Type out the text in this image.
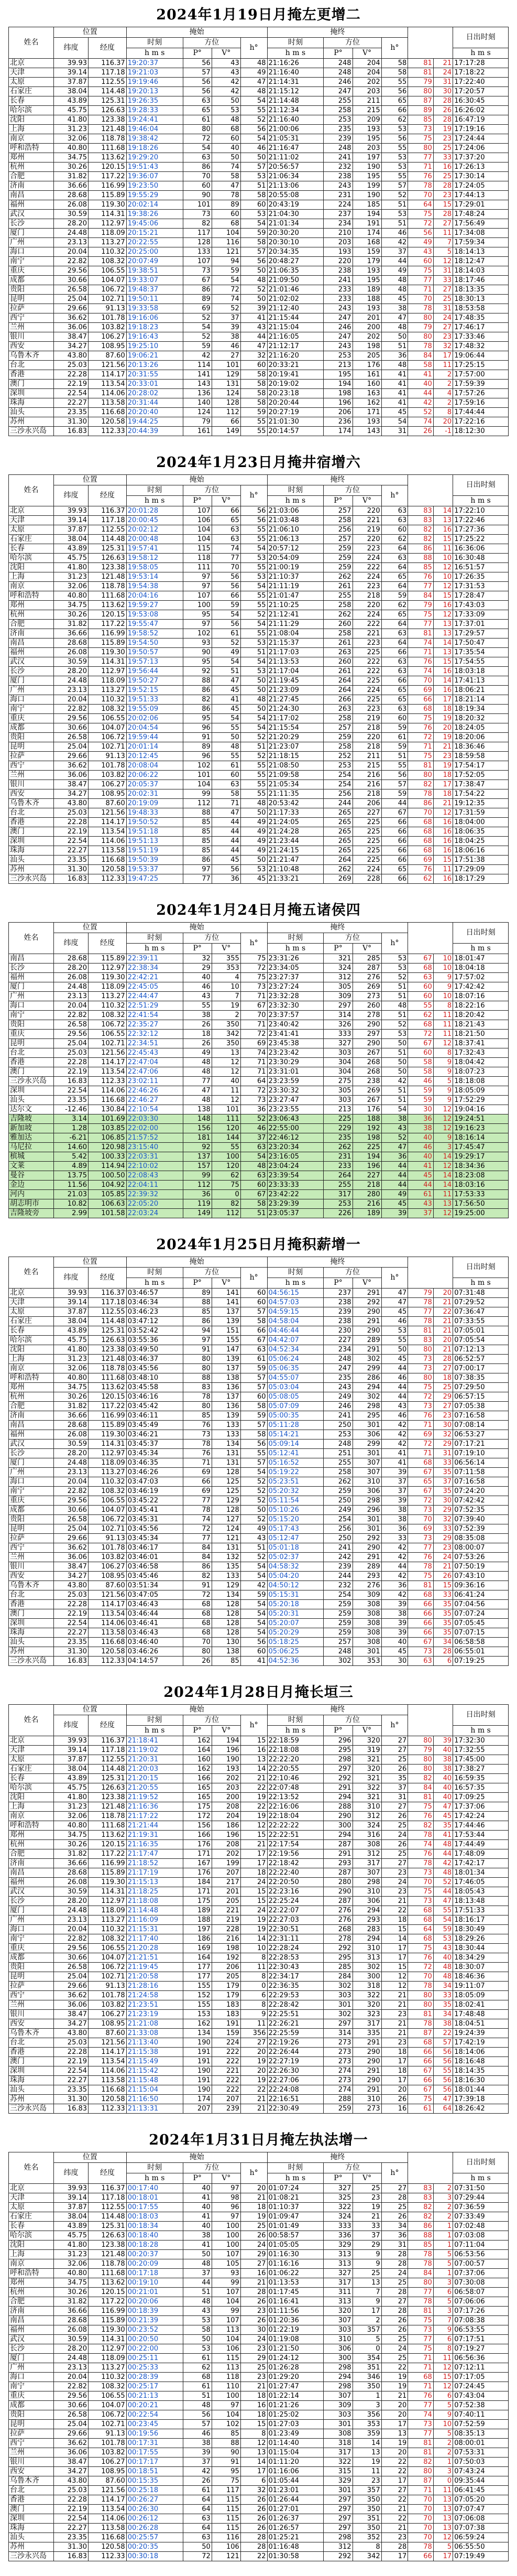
2024年1月19日月掩左更增二
姓名	位置		掩始				掩终						日出时刻
	纬度	经度	时刻	方位		h°	时刻	方位		h°			
			h m s	P°	V°		h m s	P°	V°				h m s
北京	39.93	116.37	19:20:37	56	43	48	21:16:26	248	204	58	81	21	17:17:28
天津	39.14	117.18	19:21:03	57	43	49	21:16:40	248	204	58	81	24	17:18:22
太原	37.87	112.55	19:19:46	56	42	47	21:14:31	246	202	55	79	31	17:22:40
石家庄	38.04	114.48	19:20:13	56	42	48	21:15:12	247	203	56	80	30	17:20:57
长春	43.89	125.31	19:26:35	63	50	54	21:14:48	255	211	65	87	28	16:30:45
哈尔滨	45.75	126.63	19:28:33	65	53	55	21:12:34	258	215	66	89	26	16:26:02
沈阳	41.80	123.38	19:24:41	61	48	52	21:16:40	253	209	62	85	28	16:47:19
上海	31.23	121.48	19:46:04	80	68	56	21:00:06	235	193	53	73	19	17:19:16
南京	32.06	118.78	19:38:42	72	60	54	21:05:31	239	195	56	75	23	17:24:44
呼和浩特	40.80	111.68	19:18:26	54	40	46	21:16:47	248	203	55	80	25	17:24:06
郑州	34.75	113.62	19:29:20	63	50	50	21:11:02	241	197	53	77	33	17:37:20
杭州	30.26	120.15	19:51:43	86	74	57	20:56:57	232	190	53	71	16	17:26:13
合肥	31.82	117.22	19:36:07	70	58	53	21:06:34	238	195	55	76	25	17:30:14
济南	36.66	116.99	19:23:50	60	47	51	21:13:06	243	199	57	78	28	17:24:05
南昌	28.68	115.89	19:55:29	90	78	58	20:55:08	231	190	52	70	23	17:44:13
福州	26.08	119.30	20:02:14	101	89	60	20:43:19	224	185	51	64	15	17:29:01
武汉	30.59	114.31	19:38:26	73	60	53	21:04:30	237	194	53	75	28	17:48:24
长沙	28.20	112.97	19:45:06	82	68	54	21:01:34	234	191	51	72	27	17:56:49
厦门	24.48	118.09	20:15:21	117	104	59	20:30:20	210	174	46	56	11	17:34:08
广州	23.13	113.27	20:22:55	128	116	58	20:30:10	203	168	42	49	7	17:59:34
海口	20.04	110.32	20:25:00	133	121	57	20:34:35	193	159	37	43	5	18:14:13
南宁	22.82	108.32	20:07:49	107	94	56	20:48:27	220	179	44	60	12	18:12:47
重庆	29.56	106.55	19:38:51	73	59	50	21:06:35	238	193	49	75	31	18:14:03
成都	30.66	104.07	19:33:07	67	54	48	21:09:50	241	195	48	77	33	18:17:46
贵阳	26.58	106.72	19:48:37	86	72	52	21:01:46	233	189	48	71	27	18:13:35
昆明	25.04	102.71	19:50:11	89	74	50	21:02:02	233	188	45	70	25	18:30:13
拉萨	29.66	91.13	19:33:58	69	52	39	21:12:40	243	193	38	78	31	18:53:58
西宁	36.62	101.78	19:16:06	52	37	41	21:15:44	247	201	47	80	24	17:48:35
兰州	36.06	103.82	19:18:23	54	39	43	21:15:04	246	200	48	79	27	17:46:17
银川	38.47	106.27	19:16:43	52	38	44	21:16:05	247	202	50	80	23	17:33:46
西安	34.27	108.95	19:25:10	59	46	47	21:12:17	243	198	51	78	32	17:48:32
乌鲁木齐	43.80	87.60	19:06:21	42	27	32	21:16:20	253	205	36	84	17	19:06:44
台北	25.03	121.56	20:13:26	114	101	60	20:33:21	213	176	48	58	11	17:25:15
香港	22.28	114.17	20:31:55	141	129	58	20:19:41	195	161	41	41	2	17:57:00
澳门	22.19	113.54	20:33:01	143	131	58	20:19:02	194	160	41	40	2	17:59:39
深圳	22.54	114.06	20:28:02	136	124	58	20:23:18	198	163	41	44	4	17:57:26
珠海	22.27	113.58	20:31:44	140	128	58	20:20:44	196	162	41	42	2	17:59:16
汕头	23.35	116.68	20:20:40	124	112	59	20:27:19	206	171	45	52	8	17:44:44
苏州	31.30	120.58	19:44:25	79	66	55	21:01:30	236	193	54	74	20	17:22:16
三沙永兴岛	16.83	112.33	20:44:39	161	149	55	20:14:57	174	143	31	26	-1	18:12:30
2024年1月23日月掩井宿增六
姓名	位置		掩始				掩终						日出时刻
	纬度	经度	时刻	方位		h°	时刻	方位		h°			
			h m s	P°	V°		h m s	P°	V°				h m s
北京	39.93	116.37	20:01:28	107	66	56	21:03:06	257	220	63	83	14	17:22:10
天津	39.14	117.18	20:00:45	106	65	56	21:03:48	258	221	63	83	13	17:22:46
太原	37.87	112.55	20:02:12	104	63	55	21:06:10	256	219	60	82	16	17:27:36
石家庄	38.04	114.48	20:00:48	104	63	55	21:06:13	257	220	62	82	15	17:25:22
长春	43.89	125.31	19:57:41	115	74	54	20:57:12	259	223	64	86	11	16:36:06
哈尔滨	45.75	126.63	19:58:12	118	77	53	20:54:09	259	224	63	88	10	16:30:48
沈阳	41.80	123.38	19:58:05	111	70	55	21:00:19	259	222	64	85	12	16:51:57
上海	31.23	121.48	19:53:14	97	56	53	21:10:37	262	224	65	76	10	17:26:35
南京	32.06	118.78	19:54:38	97	56	54	21:11:19	261	223	64	77	12	17:31:53
呼和浩特	40.80	111.68	20:04:16	107	66	55	21:01:47	255	218	59	84	15	17:28:47
郑州	34.75	113.62	19:59:27	100	59	55	21:10:25	258	220	62	79	16	17:43:03
杭州	30.26	120.15	19:53:08	95	54	52	21:12:41	262	224	65	75	12	17:33:09
合肥	31.82	117.22	19:55:47	97	56	54	21:11:29	260	222	64	77	13	17:37:01
济南	36.66	116.99	19:58:52	102	61	55	21:08:04	258	221	63	81	13	17:29:57
南昌	28.68	115.89	19:54:50	93	52	53	21:15:37	261	223	64	74	14	17:50:47
福州	26.08	119.30	19:50:57	90	49	51	21:17:03	263	225	66	71	13	17:35:54
武汉	30.59	114.31	19:57:13	95	54	54	21:13:53	260	222	63	76	15	17:54:55
长沙	28.20	112.97	19:56:44	92	51	53	21:17:04	261	222	63	74	16	18:03:18
厦门	24.48	118.09	19:50:27	88	47	50	21:19:45	264	225	66	70	14	17:41:13
广州	23.13	113.27	19:52:15	86	45	50	21:23:09	264	224	65	69	16	18:06:21
海口	20.04	110.32	19:51:33	82	41	48	21:27:45	266	225	65	66	17	18:21:14
南宁	22.82	108.32	19:55:09	86	45	50	21:24:30	263	223	63	68	18	18:19:34
重庆	29.56	106.55	20:02:06	95	54	54	21:17:02	258	219	60	75	19	18:20:32
成都	30.66	104.07	20:04:54	96	55	54	21:15:54	257	218	59	76	20	18:24:05
贵阳	26.58	106.72	19:59:44	91	50	52	21:20:29	259	220	61	72	19	18:20:06
昆明	25.04	102.71	20:01:14	89	48	51	21:23:07	258	218	59	71	21	18:36:46
拉萨	29.66	91.13	20:12:45	96	55	52	21:18:15	252	211	51	75	23	18:59:58
西宁	36.62	101.78	20:08:04	102	61	55	21:08:50	253	215	55	81	19	17:54:17
兰州	36.06	103.82	20:06:22	101	60	55	21:09:58	254	216	56	80	18	17:52:05
银川	38.47	106.27	20:05:37	104	63	55	21:05:34	254	216	57	82	17	17:38:47
西安	34.27	108.95	20:02:31	99	58	55	21:11:35	256	218	59	78	18	17:54:22
乌鲁木齐	43.80	87.60	20:19:09	112	71	48	20:53:42	244	206	44	86	21	19:12:35
台北	25.03	121.56	19:48:33	88	47	50	21:17:33	265	227	67	70	12	17:31:59
香港	22.28	114.17	19:50:52	85	44	49	21:24:05	265	225	66	68	16	18:04:00
澳门	22.19	113.54	19:51:18	85	44	49	21:24:28	265	225	66	68	16	18:06:35
深圳	22.54	114.06	19:51:13	85	44	49	21:23:44	265	225	66	68	16	18:04:25
珠海	22.27	113.58	19:51:19	85	44	49	21:24:15	265	225	66	68	16	18:06:16
汕头	23.35	116.68	19:50:39	86	45	50	21:21:47	264	225	66	69	15	17:51:38
苏州	31.30	120.58	19:53:37	97	56	53	21:10:48	262	224	65	76	11	17:29:09
三沙永兴岛	16.83	112.33	19:47:25	77	36	45	21:33:21	269	228	66	62	16	18:17:29
2024年1月24日月掩五诸侯四
姓名	位置		掩始				掩终						日出时刻
	纬度	经度	时刻	方位		h°	时刻	方位		h°			
			h m s	P°	V°		h m s	P°	V°				h m s
南昌	28.68	115.89	22:39:11	32	355	75	23:31:26	321	285	53	67	10	18:01:47
长沙	28.20	112.97	22:38:34	29	353	72	23:34:05	324	287	53	68	10	18:04:18
福州	26.08	119.30	22:42:21	40	4	75	23:27:37	312	276	52	63	9	17:57:02
厦门	24.48	118.09	22:45:05	46	10	73	23:27:24	305	269	51	60	9	17:42:42
广州	23.13	113.27	22:44:47	43	7	71	23:32:28	309	273	51	60	10	18:07:16
海口	20.04	110.32	22:51:29	55	19	67	23:32:30	297	260	48	55	8	18:22:16
南宁	22.82	108.32	22:41:54	38	2	70	23:37:57	314	278	51	62	11	18:20:42
贵阳	26.58	106.72	22:35:27	26	350	71	23:40:42	326	290	52	68	11	18:21:43
重庆	29.56	106.55	22:32:12	18	342	72	23:41:41	333	297	53	72	11	18:21:50
昆明	25.04	102.71	22:34:51	26	350	69	23:45:38	327	290	50	67	12	18:37:41
台北	25.03	121.56	22:45:43	49	13	74	23:23:42	303	267	51	60	8	17:32:43
香港	22.28	114.17	22:47:04	48	12	71	23:30:29	304	268	50	58	9	18:04:42
澳门	22.19	113.54	22:47:06	48	12	71	23:31:01	304	268	50	58	9	18:07:23
三沙永兴岛	16.83	112.33	23:02:11	77	40	64	23:23:59	275	238	42	46	5	18:18:08
深圳	22.54	114.06	22:46:26	47	11	72	23:30:32	305	269	51	59	9	18:05:09
汕头	23.35	116.68	22:46:27	48	12	73	23:27:47	303	267	51	59	9	17:52:29
达尔文	-12.46	130.84	22:10:54	138	101	36	23:23:55	213	176	54	30	12	19:04:16
吉隆坡	3.14	101.69	22:03:30	148	111	52	23:06:43	225	188	38	36	12	19:24:51
新加坡	1.28	103.85	22:02:00	156	120	46	22:55:00	229	192	43	38	12	19:16:23
雅加达	-6.21	106.85	21:57:52	181	144	37	22:46:12	235	198	52	40	9	18:16:14
马尼拉	14.60	120.98	23:15:40	92	55	63	23:20:34	262	225	47	46	3	17:45:47
槟城	5.42	100.33	22:03:31	137	100	54	23:16:05	231	194	36	40	14	19:29:17
文莱	4.89	114.94	22:10:02	157	120	48	23:04:24	233	196	44	41	12	18:34:36
曼谷	13.75	100.50	22:08:43	99	62	63	23:39:54	264	227	44	45	14	18:23:08
金边	11.56	104.92	22:04:11	112	75	60	23:33:33	255	218	44	44	14	18:03:16
河内	21.03	105.85	22:39:32	36	0	67	23:42:22	317	280	49	61	11	17:53:33
胡志明市	10.82	106.63	22:05:20	119	82	58	23:29:39	253	216	45	43	13	17:56:50
吉隆坡旁	2.99	101.58	22:03:24	149	112	51	23:05:37	226	189	39	37	12	19:25:00
2024年1月25日月掩积薪增一
姓名	位置		掩始				掩终						日出时刻
	纬度	经度	时刻	方位		h°	时刻	方位		h°			
			h m s	P°	V°		h m s	P°	V°				h m s
北京	39.93	116.37	03:46:57	89	141	60	04:56:15	237	291	47	79	20	07:31:48
天津	39.14	117.18	03:46:34	88	141	60	04:57:03	238	292	47	78	21	07:29:52
太原	37.87	112.55	03:46:23	85	137	57	04:59:15	239	290	45	77	22	07:36:47
石家庄	38.04	114.48	03:47:12	86	139	58	04:58:04	238	291	46	78	21	07:33:55
长春	43.89	125.31	03:52:42	94	151	66	04:46:44	230	290	53	81	21	07:05:01
哈尔滨	45.75	126.63	03:55:36	97	155	67	04:42:07	227	289	55	83	20	07:05:54
沈阳	41.80	123.38	03:49:50	91	147	63	04:52:34	234	291	50	80	21	07:12:13
上海	31.23	121.48	03:46:37	80	139	61	05:06:24	248	302	45	73	28	06:52:57
南京	32.06	118.78	03:45:56	80	137	59	05:06:35	247	299	44	73	27	07:00:17
呼和浩特	40.80	111.68	03:48:10	88	138	57	04:55:07	235	286	46	80	18	07:38:35
郑州	34.75	113.62	03:45:58	83	136	57	05:03:04	243	294	44	75	25	07:29:50
杭州	30.26	120.15	03:46:16	78	137	60	05:08:05	249	302	44	72	29	06:57:15
合肥	31.82	117.22	03:45:42	80	136	58	05:07:09	246	298	43	73	27	07:05:38
济南	36.66	116.99	03:46:11	85	139	59	05:00:35	241	295	46	76	23	07:16:58
南昌	28.68	115.89	03:45:49	76	133	57	05:11:28	250	301	42	71	30	07:08:14
福州	26.08	119.30	03:46:21	73	133	58	05:14:21	253	306	42	69	32	06:53:27
武汉	30.59	114.31	03:45:37	78	134	56	05:09:14	248	299	42	72	29	07:17:21
长沙	28.20	112.97	03:45:34	76	131	55	05:12:41	251	301	41	71	31	07:19:10
厦门	24.48	118.09	03:46:35	71	131	57	05:16:52	255	307	41	68	33	06:56:14
广州	23.13	113.27	03:46:26	69	128	54	05:19:22	258	307	39	67	35	07:11:58
海口	20.04	110.32	03:47:03	66	125	52	05:23:51	262	310	37	65	37	07:16:58
南宁	22.82	108.32	03:46:19	69	125	52	05:20:32	259	306	37	67	35	07:24:20
重庆	29.56	106.55	03:45:22	77	129	52	05:11:54	250	298	39	72	30	07:42:42
成都	30.66	104.07	03:45:41	78	128	50	05:10:26	249	296	38	73	29	07:52:35
贵阳	26.58	106.72	03:45:31	74	127	52	05:15:20	254	301	38	70	32	07:39:40
昆明	25.04	102.71	03:45:56	72	124	49	05:17:43	256	301	36	69	33	07:52:39
拉萨	29.66	91.13	03:45:34	77	121	43	05:12:47	250	292	33	73	29	08:35:08
西宁	36.62	101.78	03:46:17	84	131	51	05:01:18	241	290	42	77	23	08:00:07
兰州	36.06	103.82	03:46:01	84	132	52	05:02:37	242	291	42	76	24	07:53:26
银川	38.47	106.27	03:46:58	86	135	54	04:58:32	239	289	44	78	21	07:50:19
西安	34.27	108.95	03:45:46	82	133	54	05:04:20	244	293	42	75	26	07:43:10
乌鲁木齐	43.80	87.60	03:51:34	91	129	42	04:50:12	232	276	36	81	15	09:36:16
台北	25.03	121.56	03:47:05	72	134	59	05:15:31	254	309	42	68	33	06:41:24
香港	22.28	114.17	03:46:43	68	128	54	05:20:18	259	308	39	66	35	07:04:56
澳门	22.19	113.54	03:46:44	68	128	54	05:20:31	259	308	38	66	35	07:07:24
深圳	22.54	114.06	03:46:41	68	128	54	05:20:07	259	308	39	66	35	07:05:45
珠海	22.27	113.58	03:46:43	68	128	54	05:20:29	259	308	39	66	35	07:07:15
汕头	23.35	116.68	03:46:40	70	130	56	05:18:25	257	308	40	67	34	06:58:58
苏州	31.30	120.58	03:46:26	80	138	60	05:06:25	248	301	45	73	28	06:55:01
三沙永兴岛	16.83	112.33	04:14:57	26	85	41	04:52:36	302	353	30	63	6	07:19:25
2024年1月28日月掩长垣三
姓名	位置		掩始				掩终						日出时刻
	纬度	经度	时刻	方位		h°	时刻	方位		h°			
			h m s	P°	V°		h m s	P°	V°				h m s
北京	39.93	116.37	21:18:41	162	194	15	22:18:59	296	320	27	80	39	17:32:30
天津	39.14	117.18	21:19:02	164	196	16	22:18:08	295	319	27	79	40	17:32:55
太原	37.87	112.55	21:20:31	160	190	13	22:22:20	298	321	25	80	38	17:45:00
石家庄	38.04	114.48	21:20:03	162	193	14	22:20:55	297	320	26	80	38	17:38:27
长春	43.89	125.31	21:20:15	166	202	21	22:10:46	292	321	35	82	40	16:59:35
哈尔滨	45.75	126.63	21:20:55	165	203	22	22:07:48	291	322	37	84	40	16:57:35
沈阳	41.80	123.38	21:19:52	165	200	19	22:13:52	294	321	31	81	40	17:09:25
上海	31.23	121.48	21:16:36	175	208	22	22:16:06	288	310	27	75	47	17:37:06
南京	32.06	118.78	21:17:22	172	204	19	22:18:04	290	312	26	76	45	17:42:24
呼和浩特	40.80	111.68	21:21:44	156	186	12	22:22:22	300	324	25	82	35	17:44:46
郑州	34.75	113.62	21:19:31	166	196	15	22:22:51	294	316	24	78	41	17:53:44
杭州	30.26	120.15	21:16:35	176	208	21	22:17:54	287	308	26	74	48	17:44:49
合肥	31.82	117.22	21:17:47	171	202	17	22:19:56	291	312	25	76	44	17:48:09
济南	36.66	116.99	21:18:52	167	199	17	22:18:42	293	317	27	78	42	17:42:17
南昌	28.68	115.89	21:17:19	176	207	18	22:22:40	287	307	23	73	48	18:01:34
福州	26.08	119.30	21:15:13	184	217	24	22:20:50	280	298	24	70	52	17:46:05
武汉	30.59	114.31	21:18:25	171	201	15	22:23:16	290	310	23	75	44	18:05:43
长沙	28.20	112.97	21:18:08	175	205	15	22:25:24	287	306	21	73	47	18:13:48
厦门	24.48	118.09	21:14:48	189	221	24	22:22:07	276	294	22	68	55	17:51:33
广州	23.13	113.27	21:16:09	188	219	19	22:27:03	276	293	18	68	54	18:16:17
海口	20.04	110.32	21:15:31	197	228	19	22:30:51	268	283	15	64	59	18:30:49
南宁	22.82	108.32	21:17:40	186	216	14	22:31:11	278	294	14	68	53	18:29:26
重庆	29.56	106.55	21:20:28	169	198	10	22:28:24	292	310	17	75	43	18:30:44
成都	30.66	104.07	21:21:51	164	192	8	22:28:53	295	313	17	76	40	18:34:29
贵阳	26.58	106.72	21:19:45	177	206	11	22:30:43	285	302	15	72	48	18:30:07
昆明	25.04	102.71	21:20:58	177	205	8	22:34:17	284	300	12	70	48	18:46:36
拉萨	29.66	91.13	21:28:16	155	179	0	22:36:35	302	318	12	78	34	19:11:07
西宁	36.62	101.78	21:24:58	152	179	6	22:29:53	303	322	21	80	33	18:05:09
兰州	36.06	103.82	21:23:51	155	183	8	22:28:42	301	320	21	80	35	18:02:41
银川	38.47	106.27	21:23:19	153	183	9	22:25:51	302	323	23	81	34	17:48:48
西安	34.27	108.95	21:21:08	162	191	11	22:26:21	297	317	21	78	38	18:04:51
乌鲁木齐	43.80	87.60	21:33:08	134	159	356	22:25:59	314	335	21	87	22	19:24:39
台北	25.03	121.56	21:13:40	190	224	27	22:19:26	273	291	23	68	57	17:42:19
香港	22.28	114.17	21:15:38	191	222	20	22:26:44	273	290	18	66	56	18:14:06
澳门	22.19	113.54	21:15:49	191	222	19	22:27:19	273	290	17	66	56	18:16:48
深圳	22.54	114.06	21:15:42	190	221	20	22:26:30	274	291	18	67	55	18:14:35
珠海	22.27	113.58	21:15:48	191	222	19	22:27:06	273	290	17	66	56	18:16:30
汕头	23.35	116.68	21:15:04	190	222	22	22:24:08	274	291	20	67	56	18:01:44
苏州	31.30	120.58	21:16:50	174	207	21	22:16:51	288	310	26	75	47	17:39:18
三沙永兴岛	16.83	112.33	21:13:31	207	239	21	22:30:49	259	273	16	61	64	18:26:42
2024年1月31日月掩左执法增一
姓名	位置		掩始				掩终						日出时刻
	纬度	经度	时刻	方位		h°	时刻	方位		h°			
			h m s	P°	V°		h m s	P°	V°				h m s
北京	39.93	116.37	00:17:40	40	97	20	01:07:24	327	25	27	83	2	07:31:50
天津	39.14	117.18	00:18:01	41	98	21	01:08:21	325	23	28	83	3	07:29:44
太原	37.87	112.55	00:17:55	40	96	18	01:10:37	322	19	25	82	2	07:36:59
石家庄	38.04	114.48	00:18:03	41	97	19	01:09:47	324	21	26	82	2	07:33:49
长春	43.89	125.31	00:18:34	40	100	25	01:01:49	333	33	34	86	1	07:02:48
哈尔滨	45.75	126.63	00:18:40	38	100	26	00:58:57	336	37	36	88	1	07:03:08
沈阳	41.80	123.38	00:18:28	41	100	24	01:05:05	329	29	31	85	1	07:11:04
上海	31.23	121.48	00:20:37	50	107	29	01:16:30	313	9	28	78	5	06:53:56
南京	32.06	118.78	00:20:09	48	105	27	01:16:16	313	9	28	78	5	07:00:57
呼和浩特	40.80	111.68	00:17:18	37	93	16	01:06:22	327	25	24	84	1	07:37:06
郑州	34.75	113.62	00:19:10	44	99	21	01:13:53	317	13	25	80	3	07:30:08
杭州	30.26	120.15	00:21:01	51	107	28	01:17:45	311	7	28	77	6	06:58:07
合肥	31.82	117.22	00:20:06	48	104	26	01:16:41	313	9	27	78	5	07:06:06
济南	36.66	116.99	00:18:39	43	99	23	01:11:56	320	17	28	81	3	07:17:26
南昌	28.68	115.89	00:21:39	53	107	26	01:20:36	307	2	26	75	7	07:08:38
福州	26.08	119.30	00:23:52	58	113	30	01:22:19	303	357	26	73	9	06:53:55
武汉	30.59	114.31	00:20:50	50	104	24	01:19:08	310	5	25	77	6	07:17:51
长沙	28.20	112.97	00:22:00	53	106	23	01:21:50	306	0	24	75	8	07:19:27
厦门	24.48	118.09	00:25:11	61	115	29	01:24:12	300	354	25	71	11	06:56:36
广州	23.13	113.27	00:25:33	62	113	25	01:26:28	298	351	22	71	12	07:12:11
海口	20.04	110.32	00:28:39	68	118	23	01:29:20	294	346	19	68	15	07:17:05
南宁	22.82	108.32	00:25:17	61	110	21	01:27:47	298	350	19	71	12	07:24:45
重庆	29.56	106.55	00:21:13	51	100	18	01:22:14	307	1	21	76	6	07:43:04
成都	30.66	104.07	00:20:21	48	97	16	01:21:26	309	3	20	77	5	07:52:38
贵阳	26.58	106.72	00:22:54	56	104	18	01:25:02	303	356	20	74	9	07:40:11
昆明	25.04	102.71	00:23:45	57	102	15	01:27:03	301	353	17	73	10	07:52:59
拉萨	29.66	91.13	00:19:56	46	85	8	01:23:49	308	359	13	77	5	08:35:13
西宁	36.62	101.78	00:17:31	38	88	12	01:14:40	318	14	19	81	2	08:00:01
兰州	36.06	103.82	00:17:55	39	90	13	01:15:04	317	13	20	81	2	07:53:31
银川	38.47	106.27	00:17:17	37	91	14	01:11:20	322	19	22	82	1	07:50:03
西安	34.27	108.95	00:18:51	42	95	17	01:16:06	315	11	22	80	3	07:43:24
乌鲁木齐	43.80	87.60	00:15:35	26	75	6	01:05:44	329	23	17	87	0	09:35:44
台北	25.03	121.56	00:25:18	61	117	32	01:23:01	301	357	27	71	11	06:41:45
香港	22.28	114.17	00:26:27	64	115	26	01:26:44	297	350	22	70	13	07:05:20
澳门	22.19	113.54	00:26:30	64	115	26	01:27:01	297	350	21	70	13	07:07:47
深圳	22.54	114.06	00:26:12	63	115	26	01:26:37	297	351	22	70	13	07:06:08
珠海	22.27	113.58	00:26:28	64	115	26	01:26:57	297	350	21	70	13	07:07:38
汕头	23.35	116.68	00:25:57	63	116	28	01:25:21	298	352	23	70	12	06:59:24
苏州	31.30	120.58	00:20:35	50	106	28	01:16:48	312	8	28	78	5	06:55:50
三沙永兴岛	16.83	112.33	00:30:18	72	121	22	01:30:58	292	342	17	66	17	07:19:49
